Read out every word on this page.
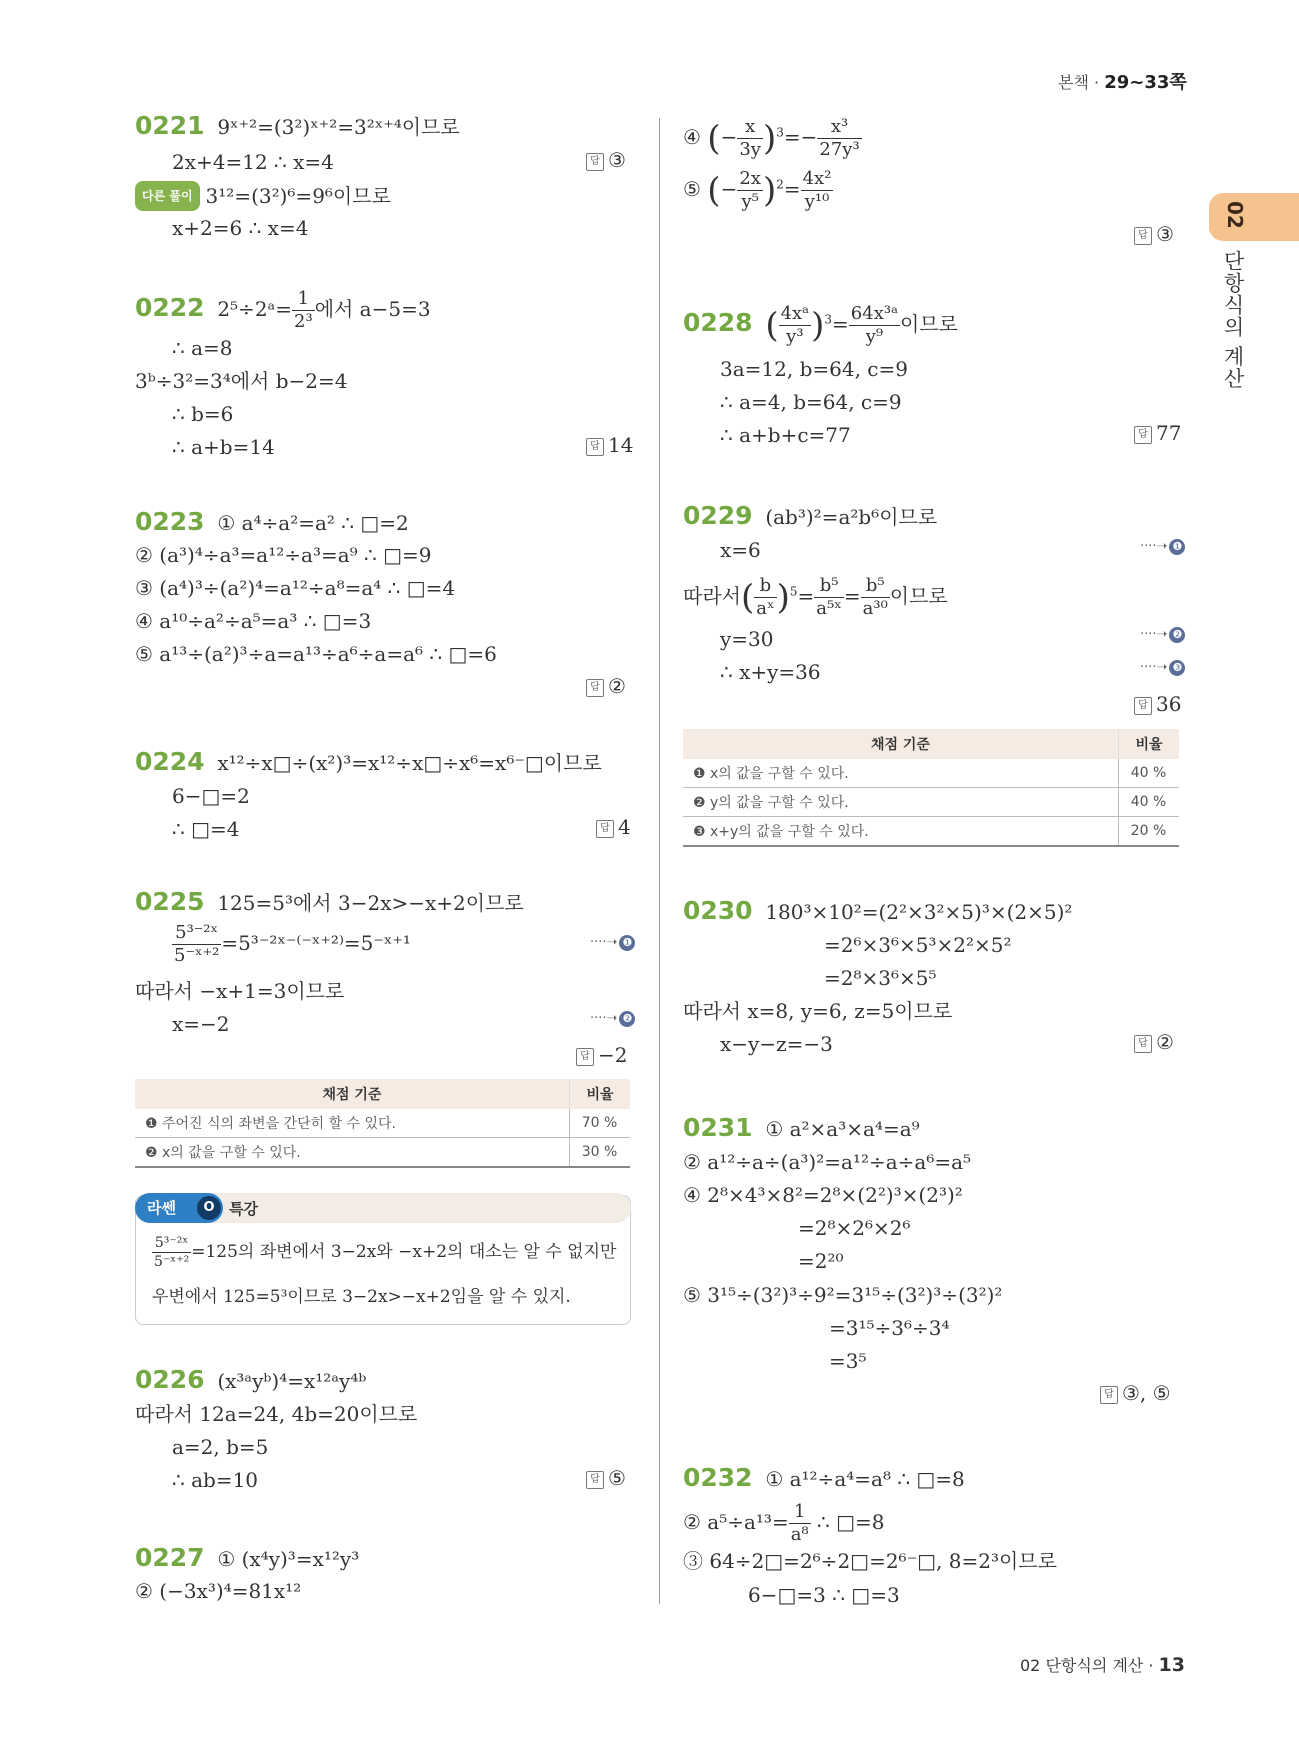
본책 · 29~33쪽
02
단항식의 계산
0221 9ˣ⁺²=(3²)ˣ⁺²=3²ˣ⁺⁴이므로
2x+4=12 ∴ x=4	답 ③
다른 풀이 3¹²=(3²)⁶=9⁶이므로
x+2=6 ∴ x=4
0222 2⁵÷2ᵃ= $\frac{1}{\text{2³}}$ 에서 a−5=3
∴ a=8
3ᵇ÷3²=3⁴에서 b−2=4
∴ b=6
∴ a+b=14	답 14
0223 ① a⁴÷a²=a² ∴ □=2
② (a³)⁴÷a³=a¹²÷a³=a⁹ ∴ □=9
③ (a⁴)³÷(a²)⁴=a¹²÷a⁸=a⁴ ∴ □=4
④ a¹⁰÷a²÷a⁵=a³ ∴ □=3
⑤ a¹³÷(a²)³÷a=a¹³÷a⁶÷a=a⁶ ∴ □=6
답 ②
0224 x¹²÷x□÷(x²)³=x¹²÷x□÷x⁶=x⁶⁻□이므로
6−□=2
∴ □=4	답 4
0225 125=5³에서 3−2x>−x+2이므로
$\frac{\text{5³⁻²ˣ}}{\text{5⁻ˣ⁺²}}$ =5³⁻²ˣ⁻⁽⁻ˣ⁺²⁾=5⁻ˣ⁺¹	····➝ ❶
따라서 −x+1=3이므로
x=−2	····➝ ❷
답 −2
채점 기준	비율
❶ 주어진 식의 좌변을 간단히 할 수 있다.	70 %
❷ x의 값을 구할 수 있다.	30 %
라쎈	O 특강
$\frac{\text{5³⁻²ˣ}}{\text{5⁻ˣ⁺²}} =125$의 좌변에서 3−2x와 −x+2의 대소는 알 수 없지만
우변에서 125=5³이므로 3−2x>−x+2임을 알 수 있지.
0226 (x³ᵃyᵇ)⁴=x¹²ᵃy⁴ᵇ
따라서 12a=24, 4b=20이므로
a=2, b=5
∴ ab=10	답 ⑤
0227 ① (x⁴y)³=x¹²y³
② (−3x³)⁴=81x¹²
④ (− $\frac{x}{3y} )^3=- \frac{\text{x³}}{\text{27y³}}$
⑤ (− $\frac{2x}{\text{y⁵}} )^2= \frac{\text{4x²}}{\text{y¹⁰}}$
답 ③
0228 ( $\frac{\text{4xᵃ}}{\text{y³}} )^3= \frac{\text{64x³ᵃ}}{\text{y⁹}}$ 이므로
3a=12, b=64, c=9
∴ a=4, b=64, c=9
∴ a+b+c=77	답 77
0229 (ab³)²=a²b⁶이므로
x=6	····➝ ❶
따라서( $\frac{b}{\text{aˣ}} )^5= \frac{\text{b⁵}}{\text{a⁵ˣ}} = \frac{\text{b⁵}}{\text{a³⁰}}$ 이므로
y=30	····➝ ❷
∴ x+y=36	····➝ ❸
답 36
채점 기준	비율
❶ x의 값을 구할 수 있다.	40 %
❷ y의 값을 구할 수 있다.	40 %
❸ x+y의 값을 구할 수 있다.	20 %
0230 180³×10²=(2²×3²×5)³×(2×5)²
=2⁶×3⁶×5³×2²×5²
=2⁸×3⁶×5⁵
따라서 x=8, y=6, z=5이므로
x−y−z=−3	답 ②
0231 ① a²×a³×a⁴=a⁹
② a¹²÷a÷(a³)²=a¹²÷a÷a⁶=a⁵
④ 2⁸×4³×8²=2⁸×(2²)³×(2³)²
=2⁸×2⁶×2⁶
=2²⁰
⑤ 3¹⁵÷(3²)³÷9²=3¹⁵÷(3²)³÷(3²)²
=3¹⁵÷3⁶÷3⁴
=3⁵
답 ③, ⑤
0232 ① a¹²÷a⁴=a⁸ ∴ □=8
② $a^5\div a^{13}= \frac{1}{\text{a⁸}}$ ∴ □=8
③ 64÷2□=2⁶÷2□=2⁶⁻□, 8=2³이므로
6−□=3 ∴ □=3
02 단항식의 계산 · 13
